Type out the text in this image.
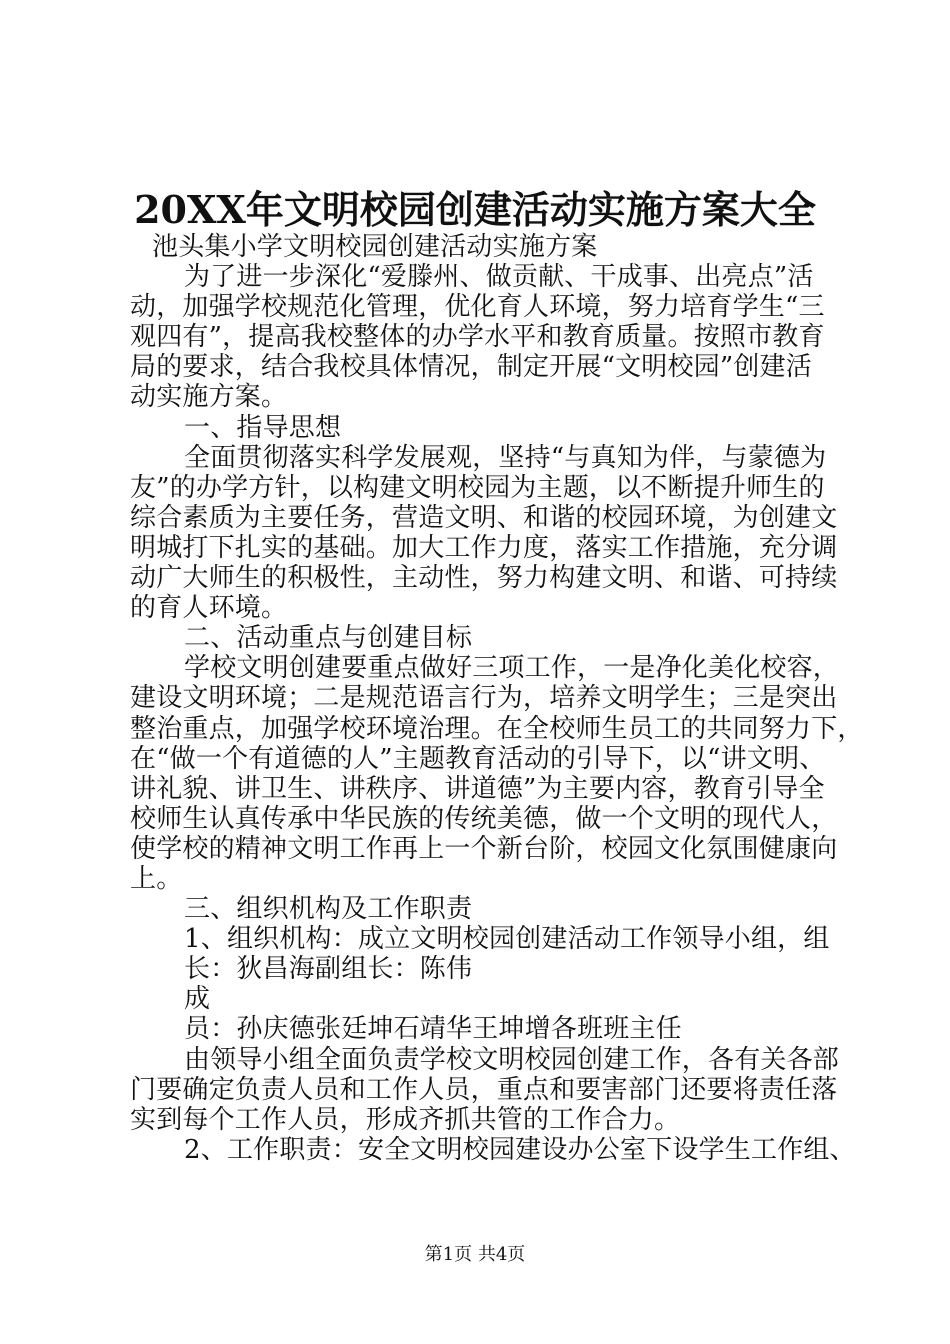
20XX年文明校园创建活动实施方案大全
池头集小学文明校园创建活动实施方案
为了进一步深化“爱滕州、做贡献、干成事、出亮点”活
动，加强学校规范化管理，优化育人环境，努力培育学生“三
观四有”，提高我校整体的办学水平和教育质量。按照市教育
局的要求，结合我校具体情况，制定开展“文明校园”创建活
动实施方案。
一、指导思想
全面贯彻落实科学发展观，坚持“与真知为伴，与蒙德为
友”的办学方针，以构建文明校园为主题，以不断提升师生的
综合素质为主要任务，营造文明、和谐的校园环境，为创建文
明城打下扎实的基础。加大工作力度，落实工作措施，充分调
动广大师生的积极性，主动性，努力构建文明、和谐、可持续
的育人环境。
二、活动重点与创建目标
学校文明创建要重点做好三项工作，一是净化美化校容，
建设文明环境；二是规范语言行为，培养文明学生；三是突出
整治重点，加强学校环境治理。在全校师生员工的共同努力下，
在“做一个有道德的人”主题教育活动的引导下，以“讲文明、
讲礼貌、讲卫生、讲秩序、讲道德”为主要内容，教育引导全
校师生认真传承中华民族的传统美德，做一个文明的现代人，
使学校的精神文明工作再上一个新台阶，校园文化氛围健康向
上。
三、组织机构及工作职责
1、组织机构：成立文明校园创建活动工作领导小组，组
长：狄昌海副组长：陈伟
成
员：孙庆德张廷坤石靖华王坤增各班班主任
由领导小组全面负责学校文明校园创建工作，各有关各部
门要确定负责人员和工作人员，重点和要害部门还要将责任落
实到每个工作人员，形成齐抓共管的工作合力。
2、工作职责：安全文明校园建设办公室下设学生工作组、
第1页 共4页
